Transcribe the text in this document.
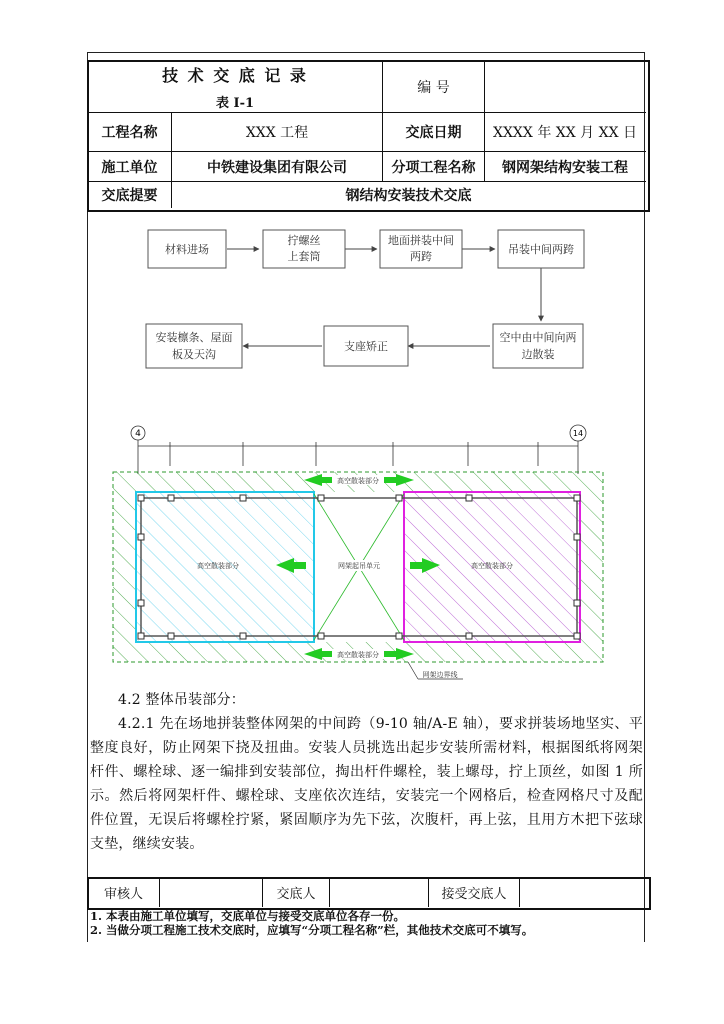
技 术 交 底 记 录
表 I-1
编 号
工程名称	XXX 工程	交底日期	XXXX 年 XX 月 XX 日
施工单位	中铁建设集团有限公司	分项工程名称	钢网架结构安装工程
交底提要	钢结构安装技术交底
材料进场
拧螺丝
上套筒
地面拼装中间
两跨
吊装中间两跨
空中由中间向两
边散装
支座矫正
安装檩条、屋面
板及天沟
4	14
高空散装部分
高空散装部分	网架起吊单元	高空散装部分
高空散装部分
网架边界线

4.2 整体吊装部分：

4.2.1 先在场地拼装整体网架的中间跨（9-10 轴/A-E 轴），要求拼装场地坚实、平整度良好，防止网架下挠及扭曲。安装人员挑选出起步安装所需材料，根据图纸将网架杆件、螺栓球、逐一编排到安装部位，掏出杆件螺栓，装上螺母，拧上顶丝，如图 1 所示。然后将网架杆件、螺栓球、支座依次连结，安装完一个网格后，检查网格尺寸及配件位置，无误后将螺栓拧紧，紧固顺序为先下弦，次腹杆，再上弦，且用方木把下弦球支垫，继续安装。

审核人	交底人	接受交底人
1. 本表由施工单位填写，交底单位与接受交底单位各存一份。
2. 当做分项工程施工技术交底时，应填写“分项工程名称”栏，其他技术交底可不填写。
